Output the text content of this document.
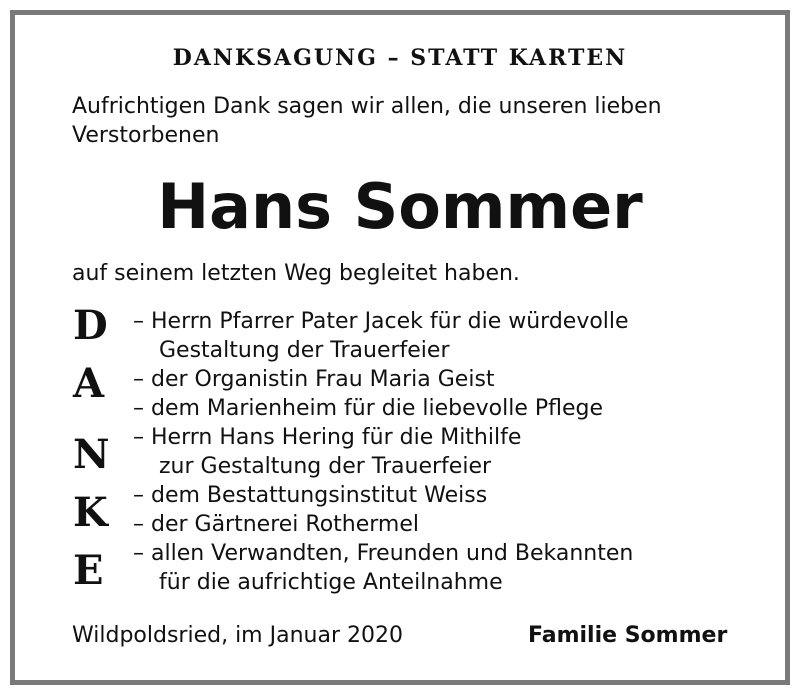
DANKSAGUNG – STATT KARTEN
Aufrichtigen Dank sagen wir allen, die unseren lieben Verstorbenen
Hans Sommer
auf seinem letzten Weg begleitet haben.
D
A
N
K
E
– Herrn Pfarrer Pater Jacek für die würdevolle
Gestaltung der Trauerfeier
– der Organistin Frau Maria Geist
– dem Marienheim für die liebevolle Pflege
– Herrn Hans Hering für die Mithilfe
zur Gestaltung der Trauerfeier
– dem Bestattungsinstitut Weiss
– der Gärtnerei Rothermel
– allen Verwandten, Freunden und Bekannten
für die aufrichtige Anteilnahme
Wildpoldsried, im Januar 2020	Familie Sommer
